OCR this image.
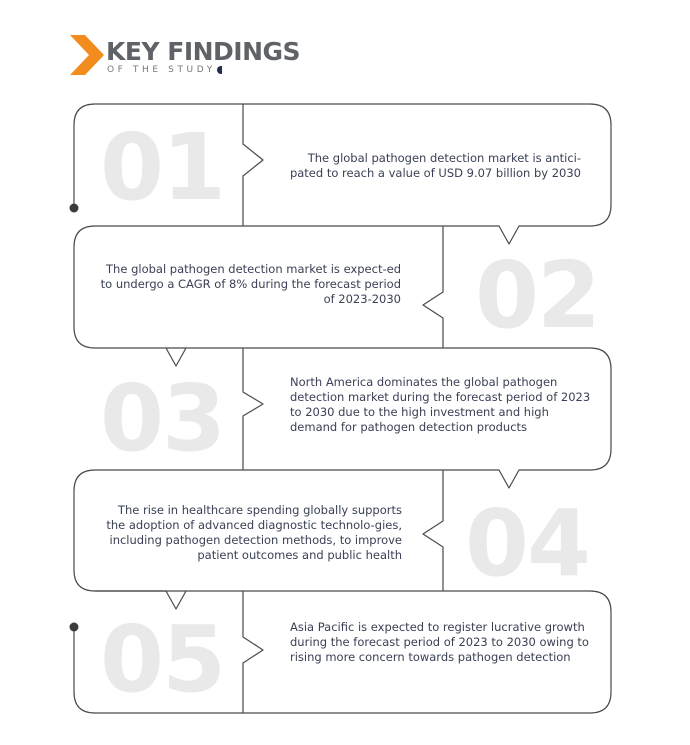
KEY FINDINGS
OF THE STUDY
01	The global pathogen detection market is antici-pated to reach a value of USD 9.07 billion by 2030
02
The global pathogen detection market is expect-ed to undergo a CAGR of 8% during the forecast period of 2023-2030
03	North America dominates the global pathogen detection market during the forecast period of 2023 to 2030 due to the high investment and high demand for pathogen detection products
04
The rise in healthcare spending globally supports the adoption of advanced diagnostic technolo-gies, including pathogen detection methods, to improve patient outcomes and public health
05	Asia Pacific is expected to register lucrative growth during the forecast period of 2023 to 2030 owing to rising more concern towards pathogen detection
